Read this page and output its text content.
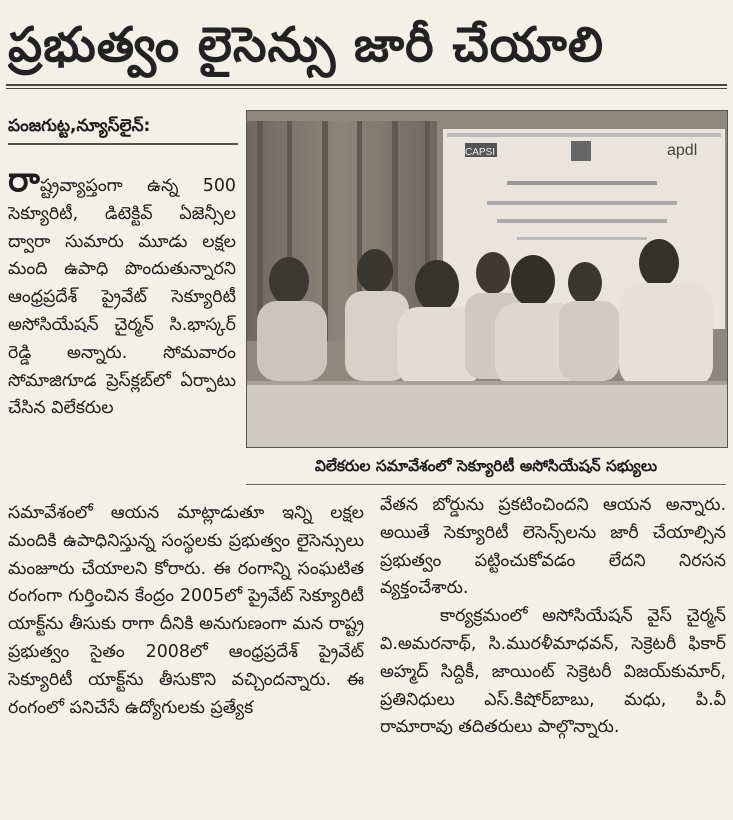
ప్రభుత్వం లైసెన్సు జారీ చేయాలి
పంజగుట్ట,న్యూస్‌లైన్:

రాష్ట్రవ్యాప్తంగా ఉన్న 500 సెక్యూరిటీ, డిటెక్టివ్ ఏజెన్సీల ద్వారా సుమారు మూడు లక్షల మంది ఉపాధి పొందుతున్నారని ఆంధ్రప్రదేశ్ ప్రైవేట్ సెక్యూరిటీ అసోసియేషన్ చైర్మన్ సి.భాస్కర్ రెడ్డి అన్నారు. సోమవారం సోమాజిగూడ ప్రెస్‌క్లబ్‌లో ఏర్పాటు చేసిన విలేకరుల

CAPSI	apdl
విలేకరుల సమావేశంలో సెక్యూరిటీ అసోసియేషన్ సభ్యులు

సమావేశంలో ఆయన మాట్లాడుతూ ఇన్ని లక్షల మందికి ఉపాధినిస్తున్న సంస్థలకు ప్రభుత్వం లైసెన్సులు మంజూరు చేయాలని కోరారు. ఈ రంగాన్ని సంఘటిత రంగంగా గుర్తించిన కేంద్రం 2005లో ప్రైవేట్ సెక్యూరిటీ యాక్ట్‌ను తీసుకు రాగా దీనికి అనుగుణంగా మన రాష్ట్ర ప్రభుత్వం సైతం 2008లో ఆంధ్రప్రదేశ్ ప్రైవేట్ సెక్యూరిటీ యాక్ట్‌ను తీసుకొని వచ్చిందన్నారు. ఈ రంగంలో పనిచేసే ఉద్యోగులకు ప్రత్యేక

వేతన బోర్డును ప్రకటించిందని ఆయన అన్నారు. అయితే సెక్యూరిటీ లెసెన్స్‌లను జారీ చేయాల్సిన ప్రభుత్వం పట్టించుకోవడం లేదని నిరసన వ్యక్తంచేశారు.

కార్యక్రమంలో అసోసియేషన్ వైస్ చైర్మన్ వి.అమరనాథ్, సి.మురళీమాధవన్, సెక్రెటరీ ఫికార్ అహ్మద్ సిద్దికీ, జాయింట్ సెక్రెటరీ విజయ్‌కుమార్, ప్రతినిధులు ఎస్.కిషోర్‌బాబు, మధు, పి.వీ రామారావు తదితరులు పాల్గొన్నారు.
